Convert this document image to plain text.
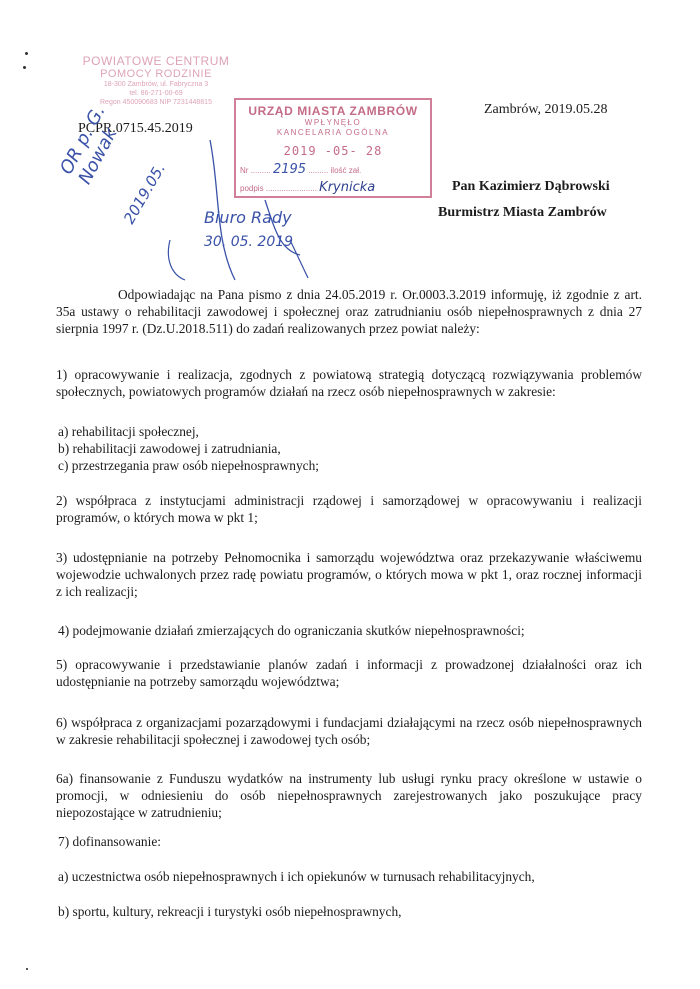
POWIATOWE CENTRUM
POMOCY RODZINIE
18-300 Zambrów, ul. Fabryczna 3
tel. 86-271-00-69
Regon 450090683 NIP 7231448815
URZĄD MIASTA ZAMBRÓW
WPŁYNĘŁO
KANCELARIA OGÓLNA
2019 -05- 28
Nr ......... 2195 ......... ilość zał.
podpis ....................... Krynicka
PCPR.0715.45.2019
Zambrów, 2019.05.28
OR p. G. Nowak
2019.05. Biuro Rady
30. 05. 2019
Pan Kazimierz Dąbrowski
Burmistrz Miasta Zambrów
Odpowiadając na Pana pismo z dnia 24.05.2019 r. Or.0003.3.2019 informuję, iż zgodnie z art. 35a ustawy o rehabilitacji zawodowej i społecznej oraz zatrudnianiu osób niepełnosprawnych z dnia 27 sierpnia 1997 r. (Dz.U.2018.511) do zadań realizowanych przez powiat należy:
1) opracowywanie i realizacja, zgodnych z powiatową strategią dotyczącą rozwiązywania problemów społecznych, powiatowych programów działań na rzecz osób niepełnosprawnych w zakresie:
a) rehabilitacji społecznej,
b) rehabilitacji zawodowej i zatrudniania,
c) przestrzegania praw osób niepełnosprawnych;
2) współpraca z instytucjami administracji rządowej i samorządowej w opracowywaniu i realizacji programów, o których mowa w pkt 1;
3) udostępnianie na potrzeby Pełnomocnika i samorządu województwa oraz przekazywanie właściwemu wojewodzie uchwalonych przez radę powiatu programów, o których mowa w pkt 1, oraz rocznej informacji z ich realizacji;
4) podejmowanie działań zmierzających do ograniczania skutków niepełnosprawności;
5) opracowywanie i przedstawianie planów zadań i informacji z prowadzonej działalności oraz ich udostępnianie na potrzeby samorządu województwa;
6) współpraca z organizacjami pozarządowymi i fundacjami działającymi na rzecz osób niepełnosprawnych w zakresie rehabilitacji społecznej i zawodowej tych osób;
6a) finansowanie z Funduszu wydatków na instrumenty lub usługi rynku pracy określone w ustawie o promocji, w odniesieniu do osób niepełnosprawnych zarejestrowanych jako poszukujące pracy niepozostające w zatrudnieniu;
7) dofinansowanie:
a) uczestnictwa osób niepełnosprawnych i ich opiekunów w turnusach rehabilitacyjnych,
b) sportu, kultury, rekreacji i turystyki osób niepełnosprawnych,
